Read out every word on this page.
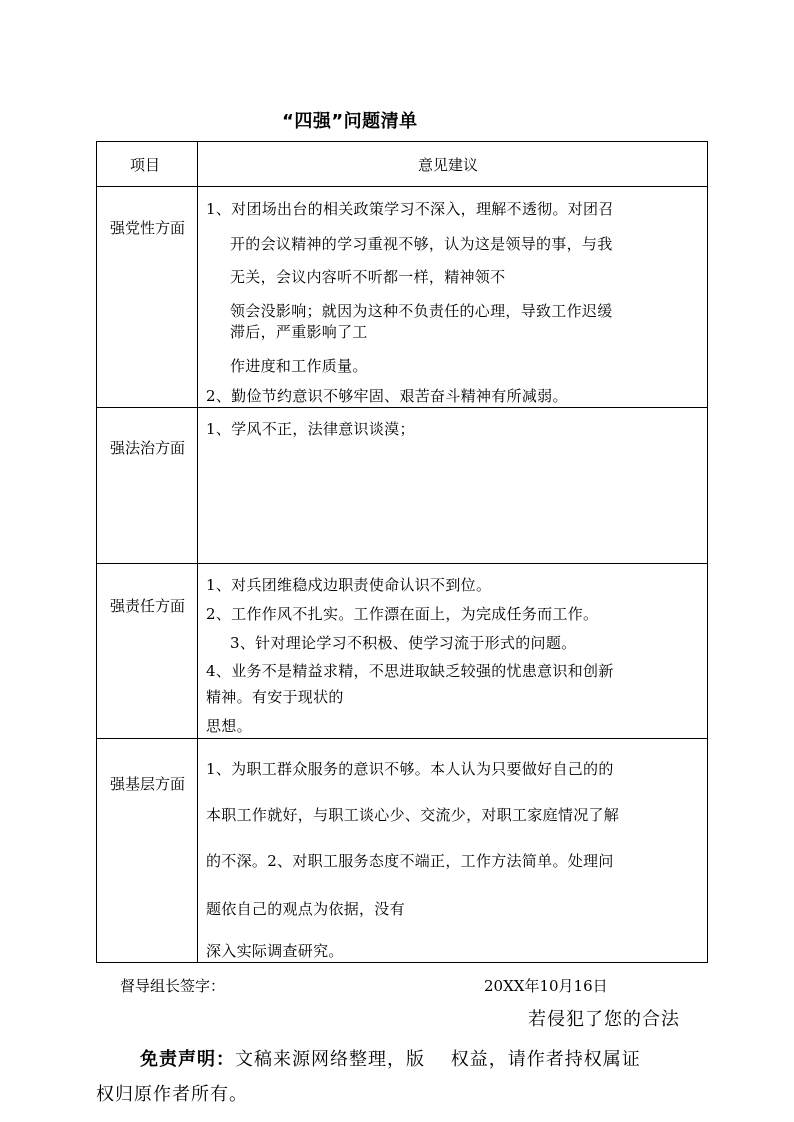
“四强”问题清单
项目	意见建议
强党性方面
1、对团场出台的相关政策学习不深入，理解不透彻。对团召
开的会议精神的学习重视不够，认为这是领导的事，与我
无关，会议内容听不听都一样，精神领不
领会没影响；就因为这种不负责任的心理，导致工作迟缓
滞后，严重影响了工
作进度和工作质量。
2、勤俭节约意识不够牢固、艰苦奋斗精神有所减弱。
强法治方面
1、学风不正，法律意识谈漠；
强责任方面
1、对兵团维稳戍边职责使命认识不到位。
2、工作作风不扎实。工作漂在面上，为完成任务而工作。
3、针对理论学习不积极、使学习流于形式的问题。
4、业务不是精益求精，不思进取缺乏较强的忧患意识和创新
精神。有安于现状的
思想。
强基层方面
1、为职工群众服务的意识不够。本人认为只要做好自己的的
本职工作就好，与职工谈心少、交流少，对职工家庭情况了解
的不深。2、对职工服务态度不端正，工作方法简单。处理问
题依自己的观点为依据，没有
深入实际调查研究。
督导组长签字：	20XX年10月16日
若侵犯了您的合法
免责声明：文稿来源网络整理，版　 权益，请作者持权属证
权归原作者所有。
